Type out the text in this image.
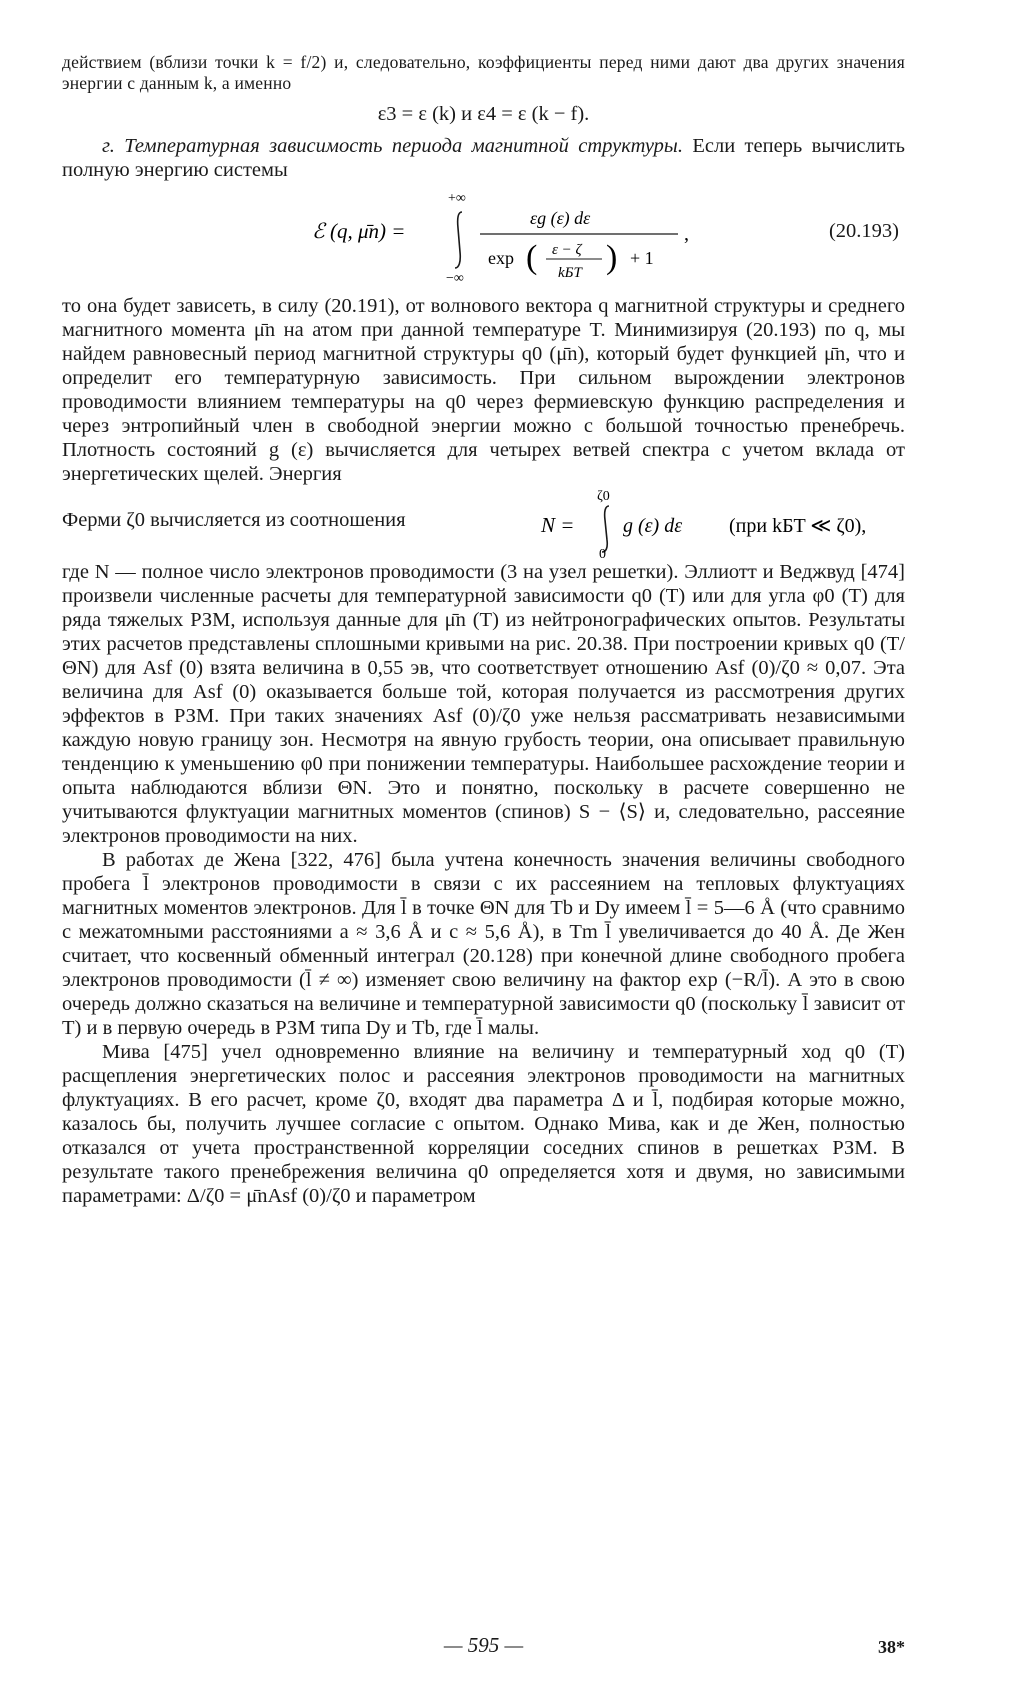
действием (вблизи точки k = f/2) и, следовательно, коэффициенты перед ними дают два других значения энергии с данным k, а именно

ε3 = ε (k) и ε4 = ε (k − f).

г. Температурная зависимость периода магнитной структуры. Если теперь вычислить полную энергию системы

ℰ (q, μ̄n) =
+∞
−∞
εg (ε) dε
exp ( ε − ζ
kБT ) + 1
,	(20.193)

то она будет зависеть, в силу (20.191), от волнового вектора q магнитной структуры и среднего магнитного момента μ̄n на атом при данной температуре T. Минимизируя (20.193) по q, мы найдем равновесный период магнитной структуры q0 (μ̄n), который будет функцией μ̄n, что и определит его температурную зависимость. При сильном вырождении электронов проводимости влиянием температуры на q0 через фермиевскую функцию распределения и через энтропийный член в свободной энергии можно с большой точностью пренебречь. Плотность состояний g (ε) вычисляется для четырех ветвей спектра с учетом вклада от энергетических щелей. Энергия

Ферми ζ0 вычисляется из соотношения	N =
ζ0
0
g (ε) dε (при kБT ≪ ζ0),

где N — полное число электронов проводимости (3 на узел решетки). Эллиотт и Веджвуд [474] произвели численные расчеты для температурной зависимости q0 (T) или для угла φ0 (T) для ряда тяжелых РЗМ, используя данные для μ̄n (T) из нейтронографических опытов. Результаты этих расчетов представлены сплошными кривыми на рис. 20.38. При построении кривых q0 (T/ΘN) для Asf (0) взята величина в 0,55 эв, что соответствует отношению Asf (0)/ζ0 ≈ 0,07. Эта величина для Asf (0) оказывается больше той, которая получается из рассмотрения других эффектов в РЗМ. При таких значениях Asf (0)/ζ0 уже нельзя рассматривать независимыми каждую новую границу зон. Несмотря на явную грубость теории, она описывает правильную тенденцию к уменьшению φ0 при понижении температуры. Наибольшее расхождение теории и опыта наблюдаются вблизи ΘN. Это и понятно, поскольку в расчете совершенно не учитываются флуктуации магнитных моментов (спинов) S − ⟨S⟩ и, следовательно, рассеяние электронов проводимости на них.

В работах де Жена [322, 476] была учтена конечность значения величины свободного пробега l̄ электронов проводимости в связи с их рассеянием на тепловых флуктуациях магнитных моментов электронов. Для l̄ в точке ΘN для Tb и Dy имеем l̄ = 5—6 Å (что сравнимо с межатомными расстояниями a ≈ 3,6 Å и c ≈ 5,6 Å), в Tm l̄ увеличивается до 40 Å. Де Жен считает, что косвенный обменный интеграл (20.128) при конечной длине свободного пробега электронов проводимости (l̄ ≠ ∞) изменяет свою величину на фактор exp (−R/l̄). А это в свою очередь должно сказаться на величине и температурной зависимости q0 (поскольку l̄ зависит от T) и в первую очередь в РЗМ типа Dy и Tb, где l̄ малы.

Мива [475] учел одновременно влияние на величину и температурный ход q0 (T) расщепления энергетических полос и рассеяния электронов проводимости на магнитных флуктуациях. В его расчет, кроме ζ0, входят два параметра Δ и l̄, подбирая которые можно, казалось бы, получить лучшее согласие с опытом. Однако Мива, как и де Жен, полностью отказался от учета пространственной корреляции соседних спинов в решетках РЗМ. В результате такого пренебрежения величина q0 определяется хотя и двумя, но зависимыми параметрами: Δ/ζ0 = μ̄nAsf (0)/ζ0 и параметром

— 595 —	38*
